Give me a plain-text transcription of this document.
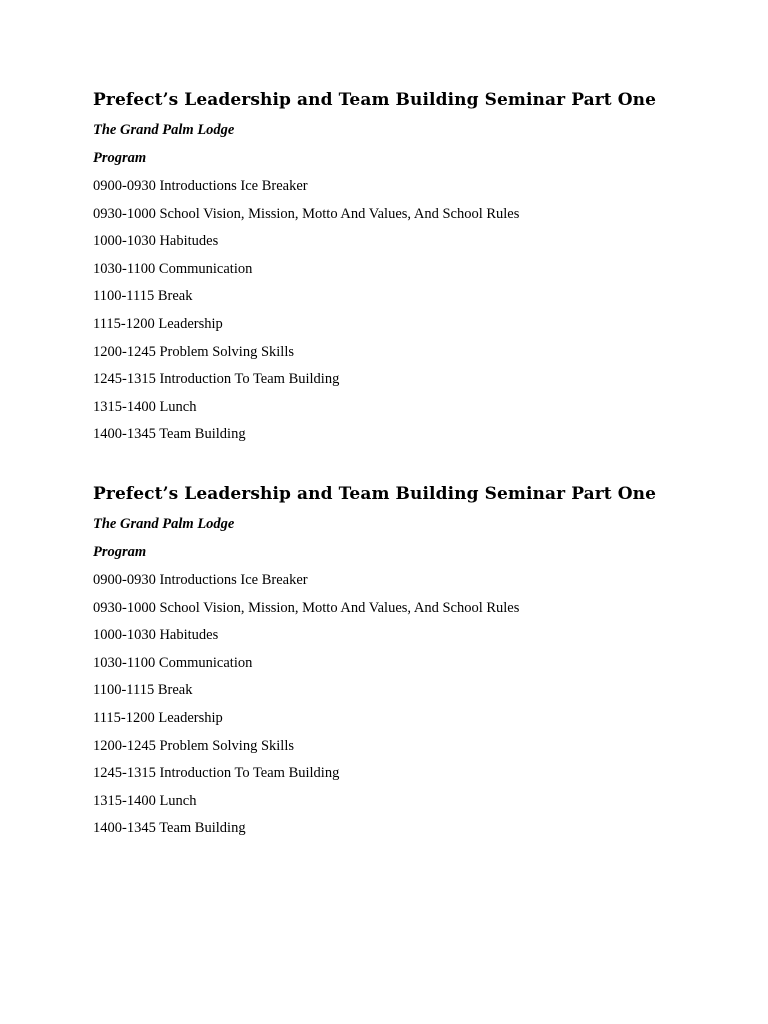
Prefect’s Leadership and Team Building Seminar Part One
The Grand Palm Lodge
Program
0900-0930 Introductions Ice Breaker
0930-1000 School Vision, Mission, Motto And Values, And School Rules
1000-1030 Habitudes
1030-1100 Communication
1100-1115 Break
1115-1200 Leadership
1200-1245 Problem Solving Skills
1245-1315 Introduction To Team Building
1315-1400 Lunch
1400-1345 Team Building
Prefect’s Leadership and Team Building Seminar Part One
The Grand Palm Lodge
Program
0900-0930 Introductions Ice Breaker
0930-1000 School Vision, Mission, Motto And Values, And School Rules
1000-1030 Habitudes
1030-1100 Communication
1100-1115 Break
1115-1200 Leadership
1200-1245 Problem Solving Skills
1245-1315 Introduction To Team Building
1315-1400 Lunch
1400-1345 Team Building
